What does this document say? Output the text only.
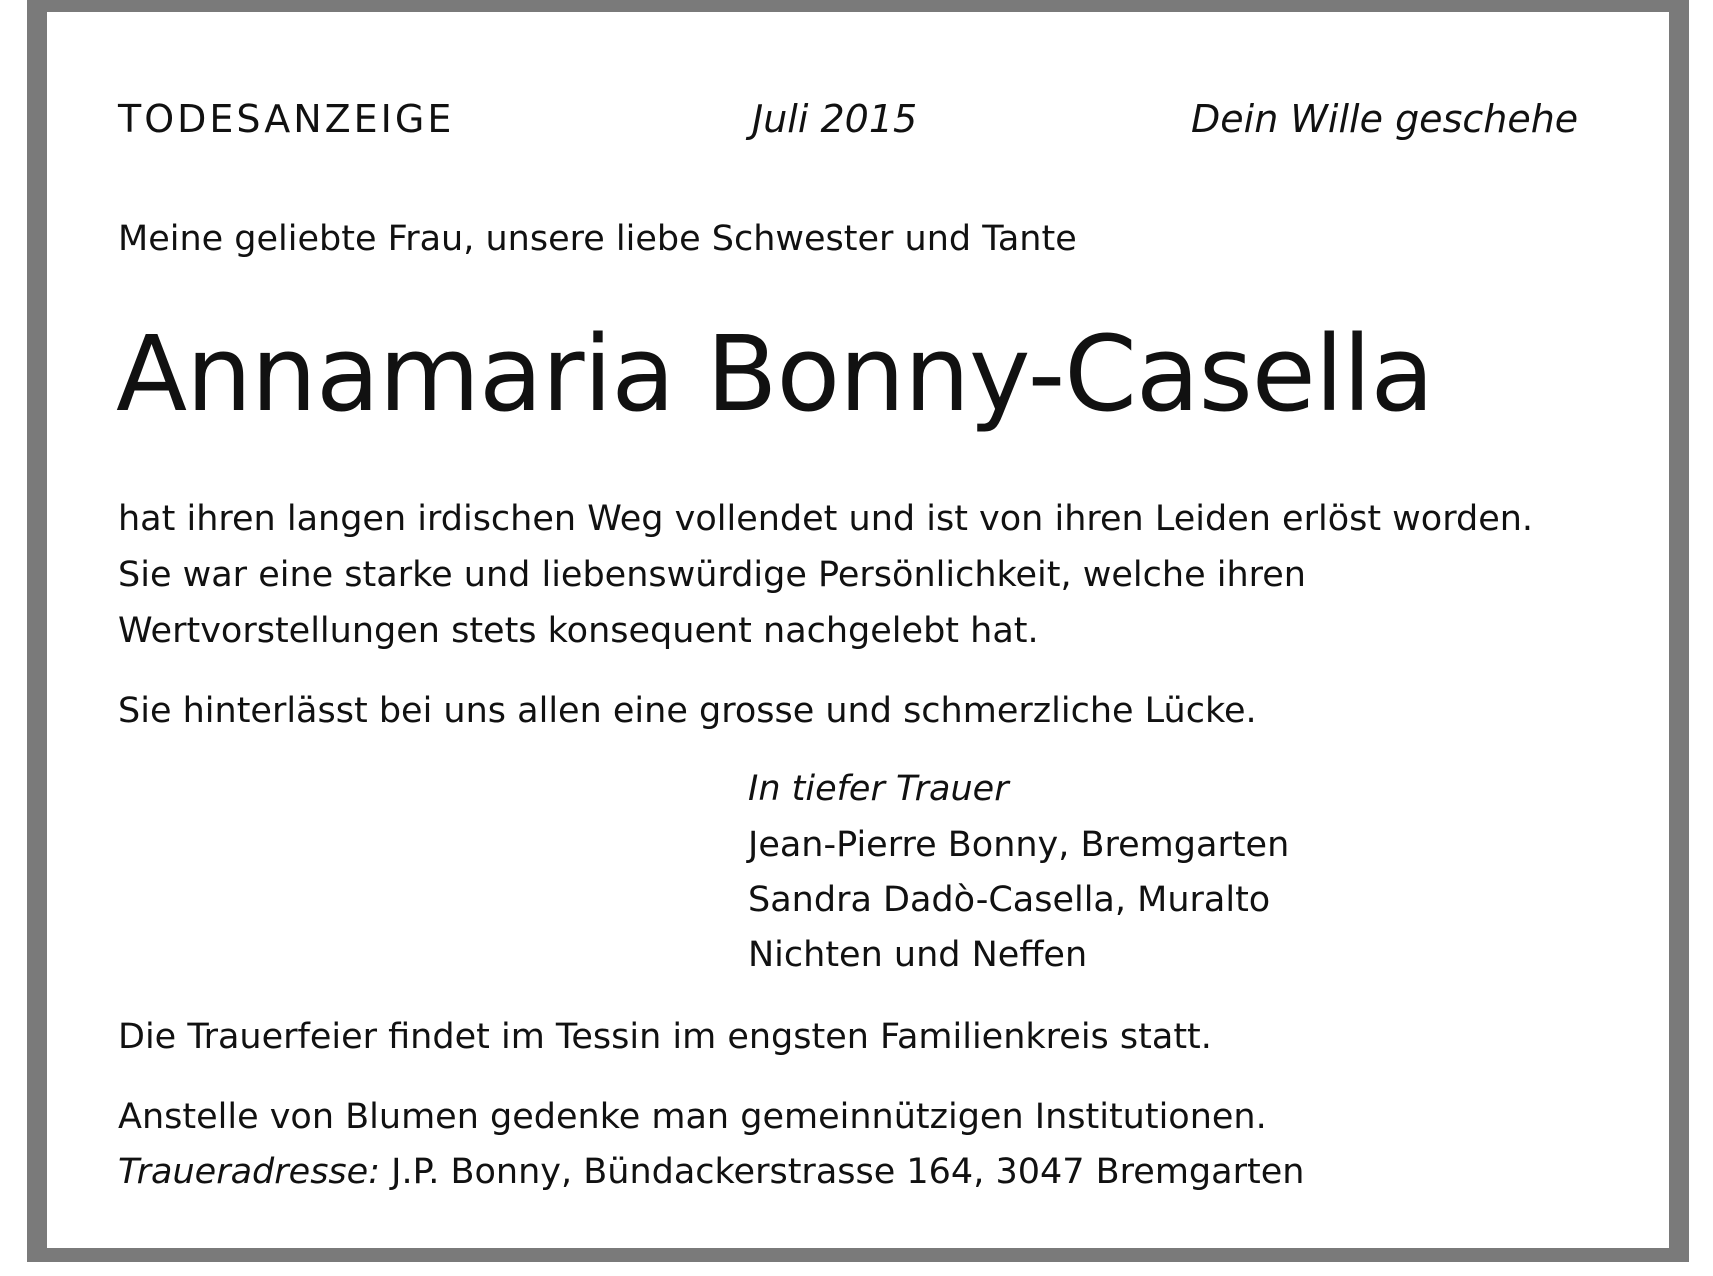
TODESANZEIGE	Juli 2015	Dein Wille geschehe
Meine geliebte Frau, unsere liebe Schwester und Tante
Annamaria Bonny-Casella
hat ihren langen irdischen Weg vollendet und ist von ihren Leiden erlöst worden.
Sie war eine starke und liebenswürdige Persönlichkeit, welche ihren
Wertvorstellungen stets konsequent nachgelebt hat.
Sie hinterlässt bei uns allen eine grosse und schmerzliche Lücke.
In tiefer Trauer
Jean-Pierre Bonny, Bremgarten
Sandra Dadò-Casella, Muralto
Nichten und Neffen
Die Trauerfeier findet im Tessin im engsten Familienkreis statt.
Anstelle von Blumen gedenke man gemeinnützigen Institutionen.
Traueradresse: J.P. Bonny, Bündackerstrasse 164, 3047 Bremgarten
